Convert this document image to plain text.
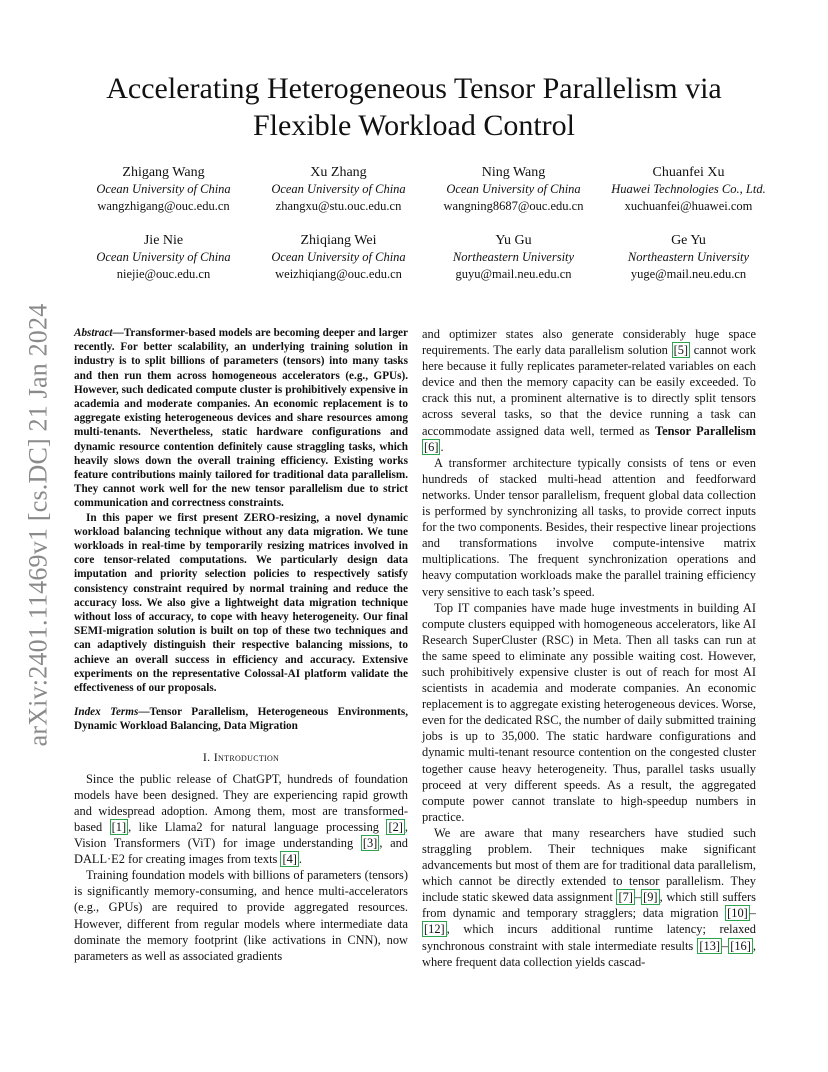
arXiv:2401.11469v1 [cs.DC] 21 Jan 2024
Accelerating Heterogeneous Tensor Parallelism via Flexible Workload Control
Zhigang Wang
Ocean University of China
wangzhigang@ouc.edu.cn
Xu Zhang
Ocean University of China
zhangxu@stu.ouc.edu.cn
Ning Wang
Ocean University of China
wangning8687@ouc.edu.cn
Chuanfei Xu
Huawei Technologies Co., Ltd.
xuchuanfei@huawei.com
Jie Nie
Ocean University of China
niejie@ouc.edu.cn
Zhiqiang Wei
Ocean University of China
weizhiqiang@ouc.edu.cn
Yu Gu
Northeastern University
guyu@mail.neu.edu.cn
Ge Yu
Northeastern University
yuge@mail.neu.edu.cn

Abstract—Transformer-based models are becoming deeper and larger recently. For better scalability, an underlying training solution in industry is to split billions of parameters (tensors) into many tasks and then run them across homogeneous accelerators (e.g., GPUs). However, such dedicated compute cluster is prohibitively expensive in academia and moderate companies. An economic replacement is to aggregate existing heterogeneous devices and share resources among multi-tenants. Nevertheless, static hardware configurations and dynamic resource contention definitely cause straggling tasks, which heavily slows down the overall training efficiency. Existing works feature contributions mainly tailored for traditional data parallelism. They cannot work well for the new tensor parallelism due to strict communication and correctness constraints.

In this paper we first present ZERO-resizing, a novel dynamic workload balancing technique without any data migration. We tune workloads in real-time by temporarily resizing matrices involved in core tensor-related computations. We particularly design data imputation and priority selection policies to respectively satisfy consistency constraint required by normal training and reduce the accuracy loss. We also give a lightweight data migration technique without loss of accuracy, to cope with heavy heterogeneity. Our final SEMI-migration solution is built on top of these two techniques and can adaptively distinguish their respective balancing missions, to achieve an overall success in efficiency and accuracy. Extensive experiments on the representative Colossal-AI platform validate the effectiveness of our proposals.

Index Terms—Tensor Parallelism, Heterogeneous Environments, Dynamic Workload Balancing, Data Migration

I. Introduction

Since the public release of ChatGPT, hundreds of foundation models have been designed. They are experiencing rapid growth and widespread adoption. Among them, most are transformed-based [1] , like Llama2 for natural language processing [2] , Vision Transformers (ViT) for image understanding [3] , and DALL·E2 for creating images from texts [4] .

Training foundation models with billions of parameters (tensors) is significantly memory-consuming, and hence multi-accelerators (e.g., GPUs) are required to provide aggregated resources. However, different from regular models where intermediate data dominate the memory footprint (like activations in CNN), now parameters as well as associated gradients

and optimizer states also generate considerably huge space requirements. The early data parallelism solution [5] cannot work here because it fully replicates parameter-related variables on each device and then the memory capacity can be easily exceeded. To crack this nut, a prominent alternative is to directly split tensors across several tasks, so that the device running a task can accommodate assigned data well, termed as Tensor Parallelism [6] .

A transformer architecture typically consists of tens or even hundreds of stacked multi-head attention and feedforward networks. Under tensor parallelism, frequent global data collection is performed by synchronizing all tasks, to provide correct inputs for the two components. Besides, their respective linear projections and transformations involve compute-intensive matrix multiplications. The frequent synchronization operations and heavy computation workloads make the parallel training efficiency very sensitive to each task’s speed.

Top IT companies have made huge investments in building AI compute clusters equipped with homogeneous accelerators, like AI Research SuperCluster (RSC) in Meta. Then all tasks can run at the same speed to eliminate any possible waiting cost. However, such prohibitively expensive cluster is out of reach for most AI scientists in academia and moderate companies. An economic replacement is to aggregate existing heterogeneous devices. Worse, even for the dedicated RSC, the number of daily submitted training jobs is up to 35,000. The static hardware configurations and dynamic multi-tenant resource contention on the congested cluster together cause heavy heterogeneity. Thus, parallel tasks usually proceed at very different speeds. As a result, the aggregated compute power cannot translate to high-speedup numbers in practice.

We are aware that many researchers have studied such straggling problem. Their techniques make significant advancements but most of them are for traditional data parallelism, which cannot be directly extended to tensor parallelism. They include static skewed data assignment [7] – [9] , which still suffers from dynamic and temporary stragglers; data migration [10] –[12] , which incurs additional runtime latency; relaxed synchronous constraint with stale intermediate results [13] – [16] , where frequent data collection yields cascad-
